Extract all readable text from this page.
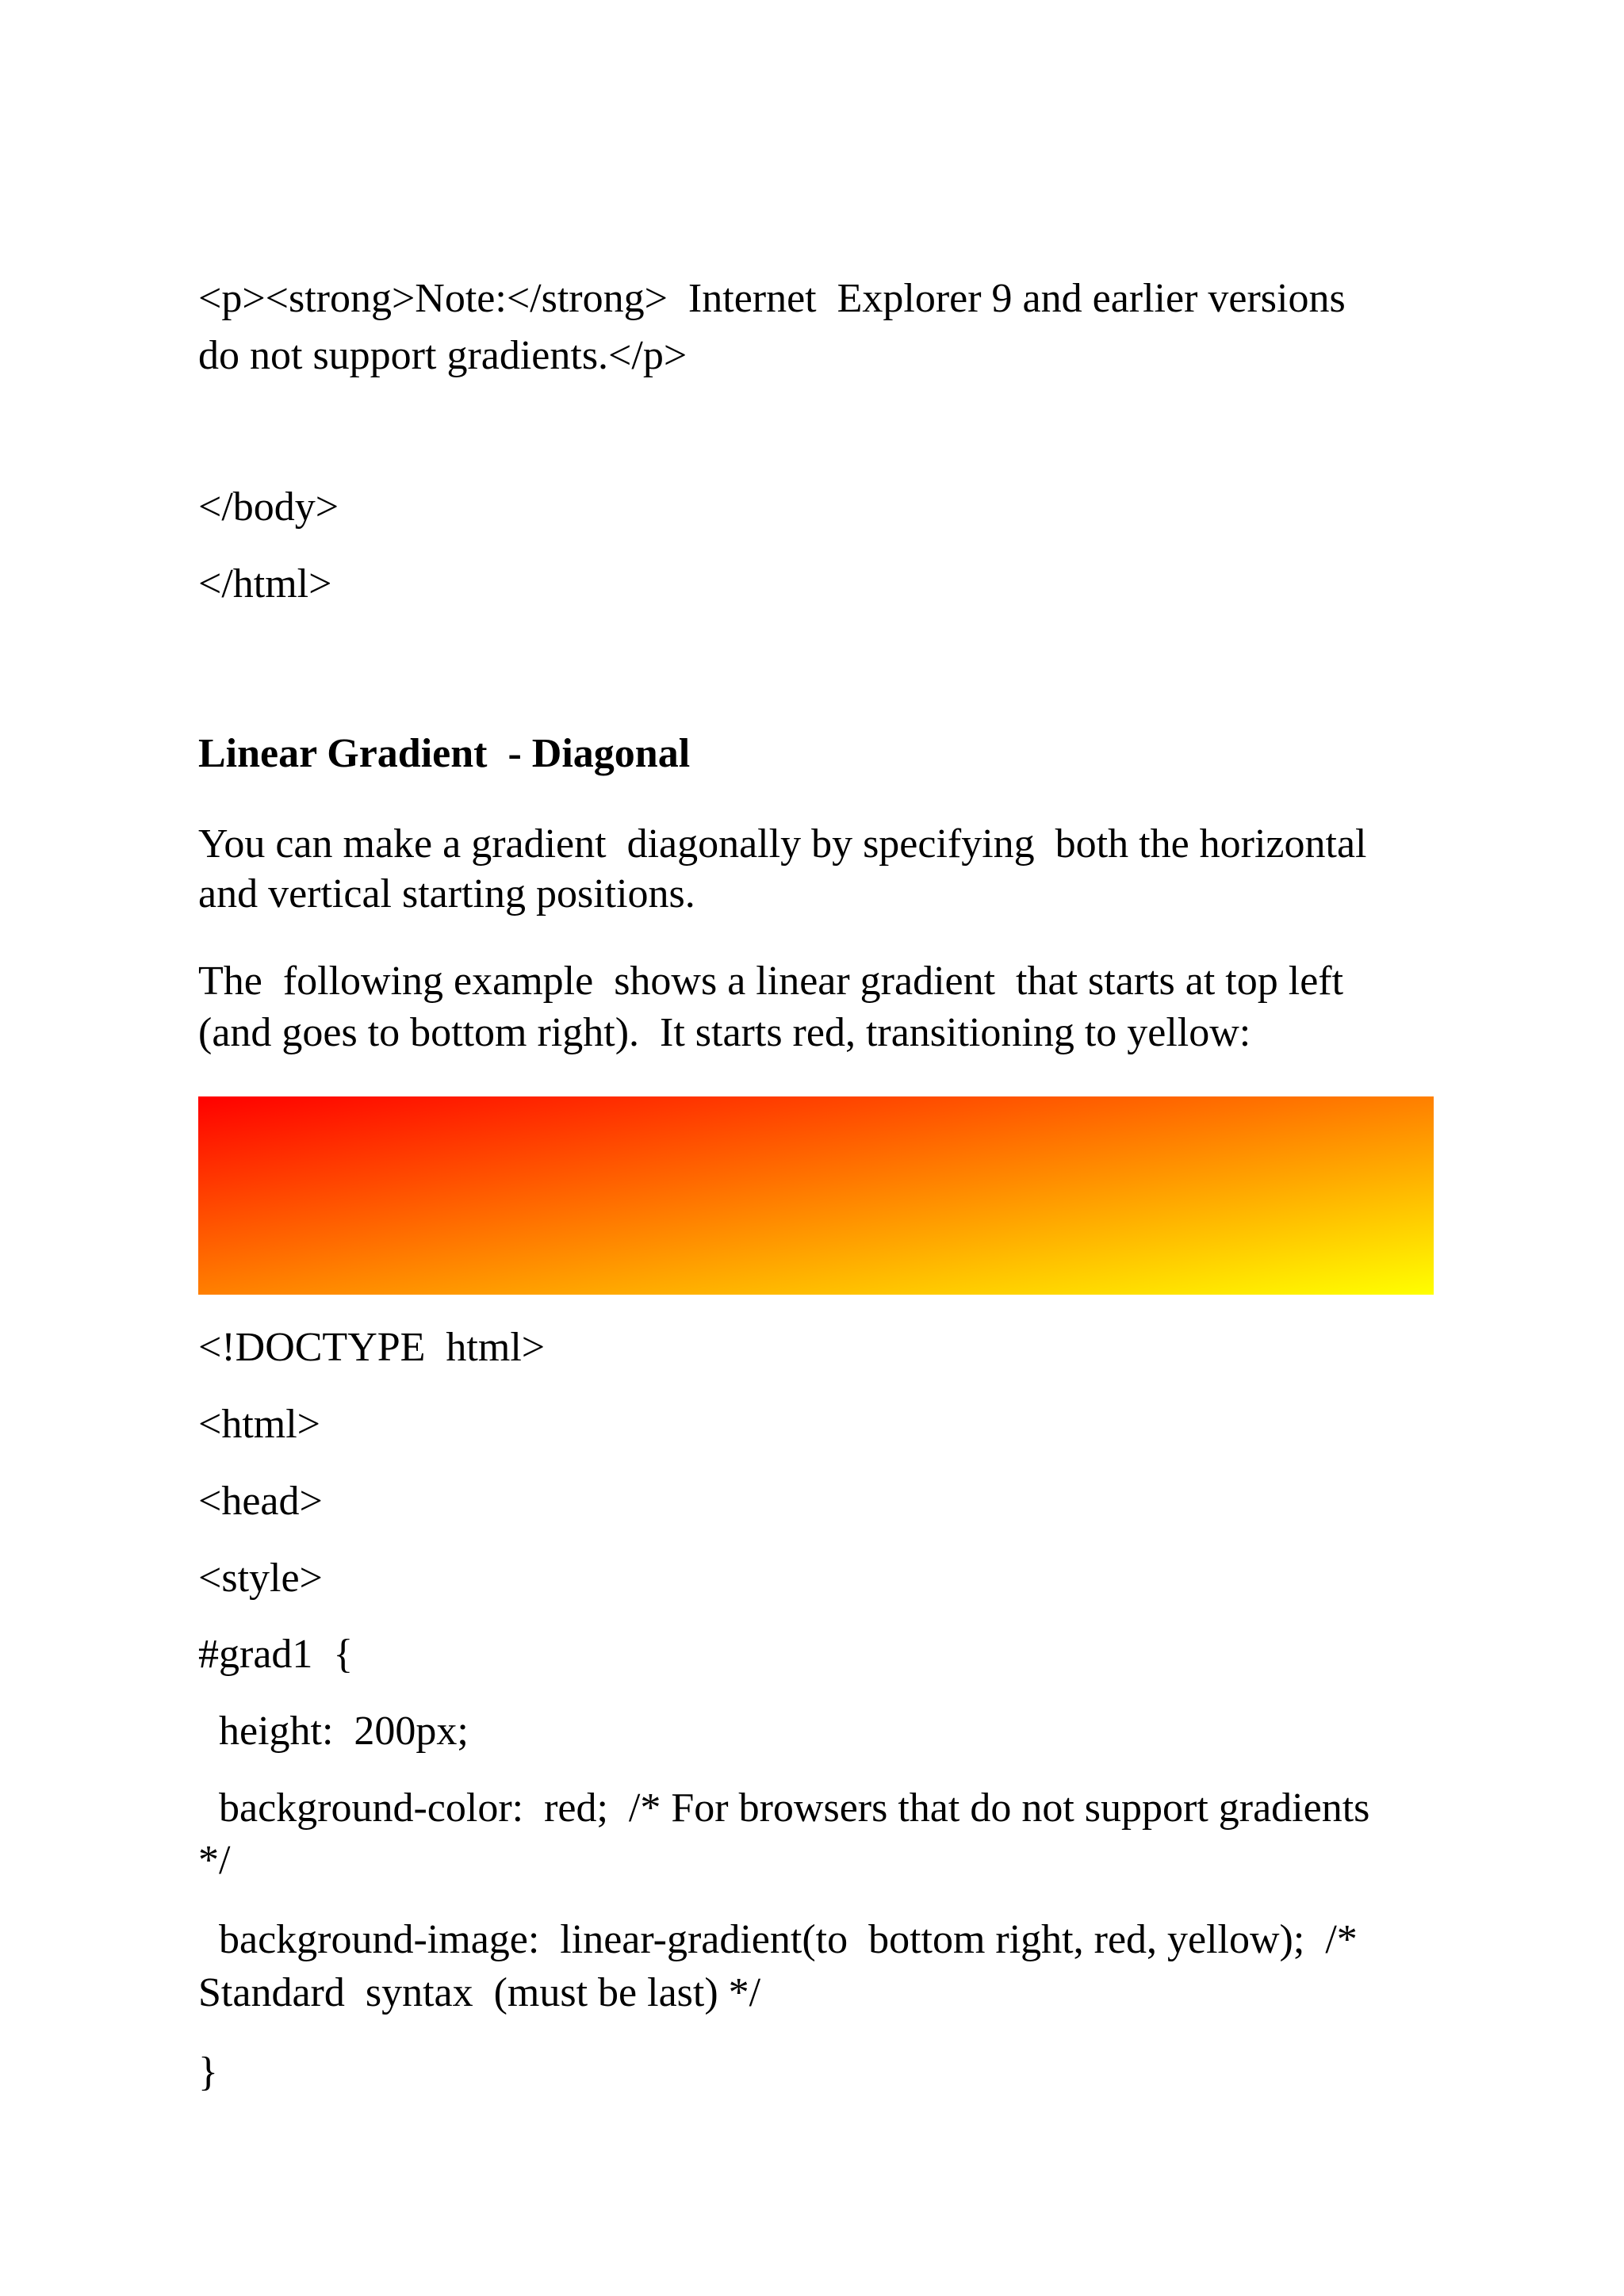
<p><strong>Note:</strong>  Internet  Explorer 9 and earlier versions
do not support gradients.</p>
</body>
</html>
Linear Gradient  - Diagonal
You can make a gradient  diagonally by specifying  both the horizontal
and vertical starting positions.
The  following example  shows a linear gradient  that starts at top left
(and goes to bottom right).  It starts red, transitioning to yellow:
<!DOCTYPE  html>
<html>
<head>
<style>
#grad1  {
height:  200px;
background-color:  red;  /* For browsers that do not support gradients
*/
background-image:  linear-gradient(to  bottom right, red, yellow);  /*
Standard  syntax  (must be last) */
}
